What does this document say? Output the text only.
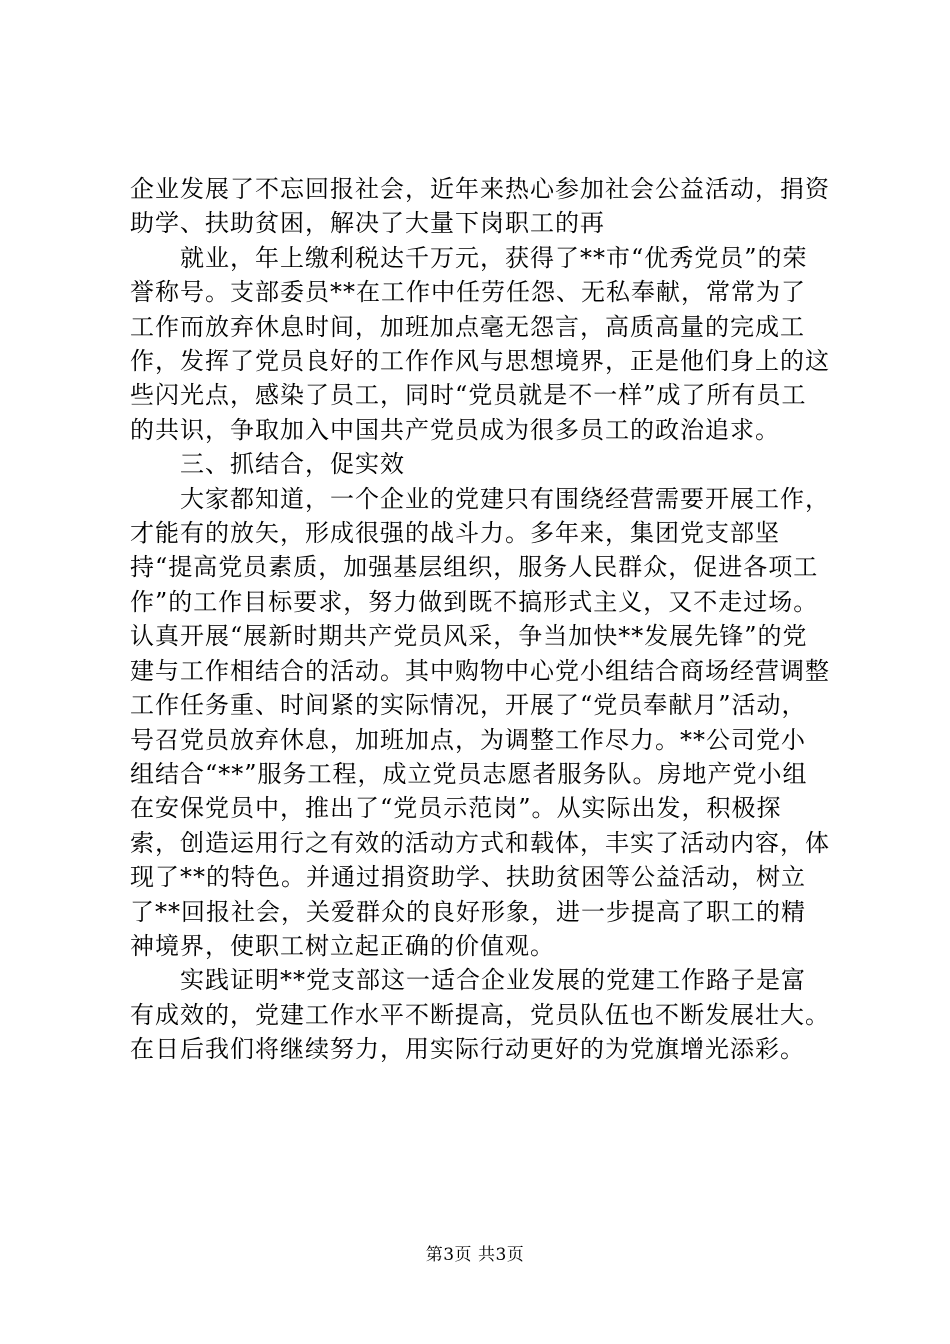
企业发展了不忘回报社会，近年来热心参加社会公益活动，捐资助学、扶助贫困，解决了大量下岗职工的再

就业，年上缴利税达千万元，获得了**市“优秀党员”的荣誉称号。支部委员**在工作中任劳任怨、无私奉献，常常为了工作而放弃休息时间，加班加点毫无怨言，高质高量的完成工作，发挥了党员良好的工作作风与思想境界，正是他们身上的这些闪光点，感染了员工，同时“党员就是不一样”成了所有员工的共识，争取加入中国共产党员成为很多员工的政治追求。

三、抓结合，促实效

大家都知道，一个企业的党建只有围绕经营需要开展工作，才能有的放矢，形成很强的战斗力。多年来，集团党支部坚持“提高党员素质，加强基层组织，服务人民群众，促进各项工作”的工作目标要求，努力做到既不搞形式主义，又不走过场。认真开展“展新时期共产党员风采，争当加快**发展先锋”的党建与工作相结合的活动。其中购物中心党小组结合商场经营调整工作任务重、时间紧的实际情况，开展了“党员奉献月”活动，号召党员放弃休息，加班加点，为调整工作尽力。**公司党小组结合“**”服务工程，成立党员志愿者服务队。房地产党小组在安保党员中，推出了“党员示范岗”。从实际出发，积极探索，创造运用行之有效的活动方式和载体，丰实了活动内容，体现了**的特色。并通过捐资助学、扶助贫困等公益活动，树立了**回报社会，关爱群众的良好形象，进一步提高了职工的精神境界，使职工树立起正确的价值观。

实践证明**党支部这一适合企业发展的党建工作路子是富有成效的，党建工作水平不断提高，党员队伍也不断发展壮大。在日后我们将继续努力，用实际行动更好的为党旗增光添彩。

第3页 共3页
